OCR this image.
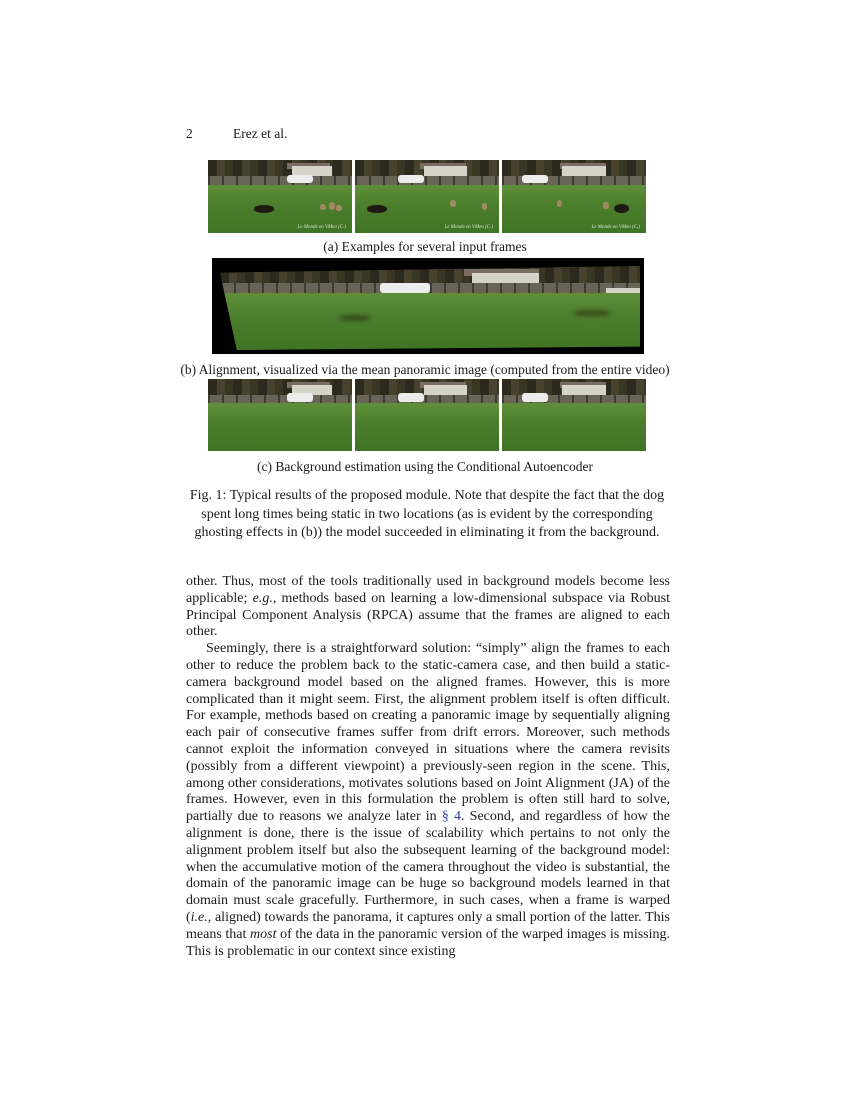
2	Erez et al.
Le Monde en VMeo (C.)	Le Monde en VMeo (C.)	Le Monde en VMeo (C.)
(a) Examples for several input frames
(b) Alignment, visualized via the mean panoramic image (computed from the entire video)
(c) Background estimation using the Conditional Autoencoder
Fig. 1: Typical results of the proposed module. Note that despite the fact that the dog spent long times being static in two locations (as is evident by the corresponding ghosting effects in (b)) the model succeeded in eliminating it from the background.

other. Thus, most of the tools traditionally used in background models become less applicable; e.g., methods based on learning a low-dimensional subspace via Robust Principal Component Analysis (RPCA) assume that the frames are aligned to each other.

Seemingly, there is a straightforward solution: “simply” align the frames to each other to reduce the problem back to the static-camera case, and then build a static-camera background model based on the aligned frames. However, this is more complicated than it might seem. First, the alignment problem itself is often difficult. For example, methods based on creating a panoramic image by sequentially aligning each pair of consecutive frames suffer from drift errors. Moreover, such methods cannot exploit the information conveyed in situations where the camera revisits (possibly from a different viewpoint) a previously-seen region in the scene. This, among other considerations, motivates solutions based on Joint Alignment (JA) of the frames. However, even in this formulation the problem is often still hard to solve, partially due to reasons we analyze later in § 4. Second, and regardless of how the alignment is done, there is the issue of scalability which pertains to not only the alignment problem itself but also the subsequent learning of the background model: when the accumulative motion of the camera throughout the video is substantial, the domain of the panoramic image can be huge so background models learned in that domain must scale gracefully. Furthermore, in such cases, when a frame is warped (i.e., aligned) towards the panorama, it captures only a small portion of the latter. This means that most of the data in the panoramic version of the warped images is missing. This is problematic in our context since existing
